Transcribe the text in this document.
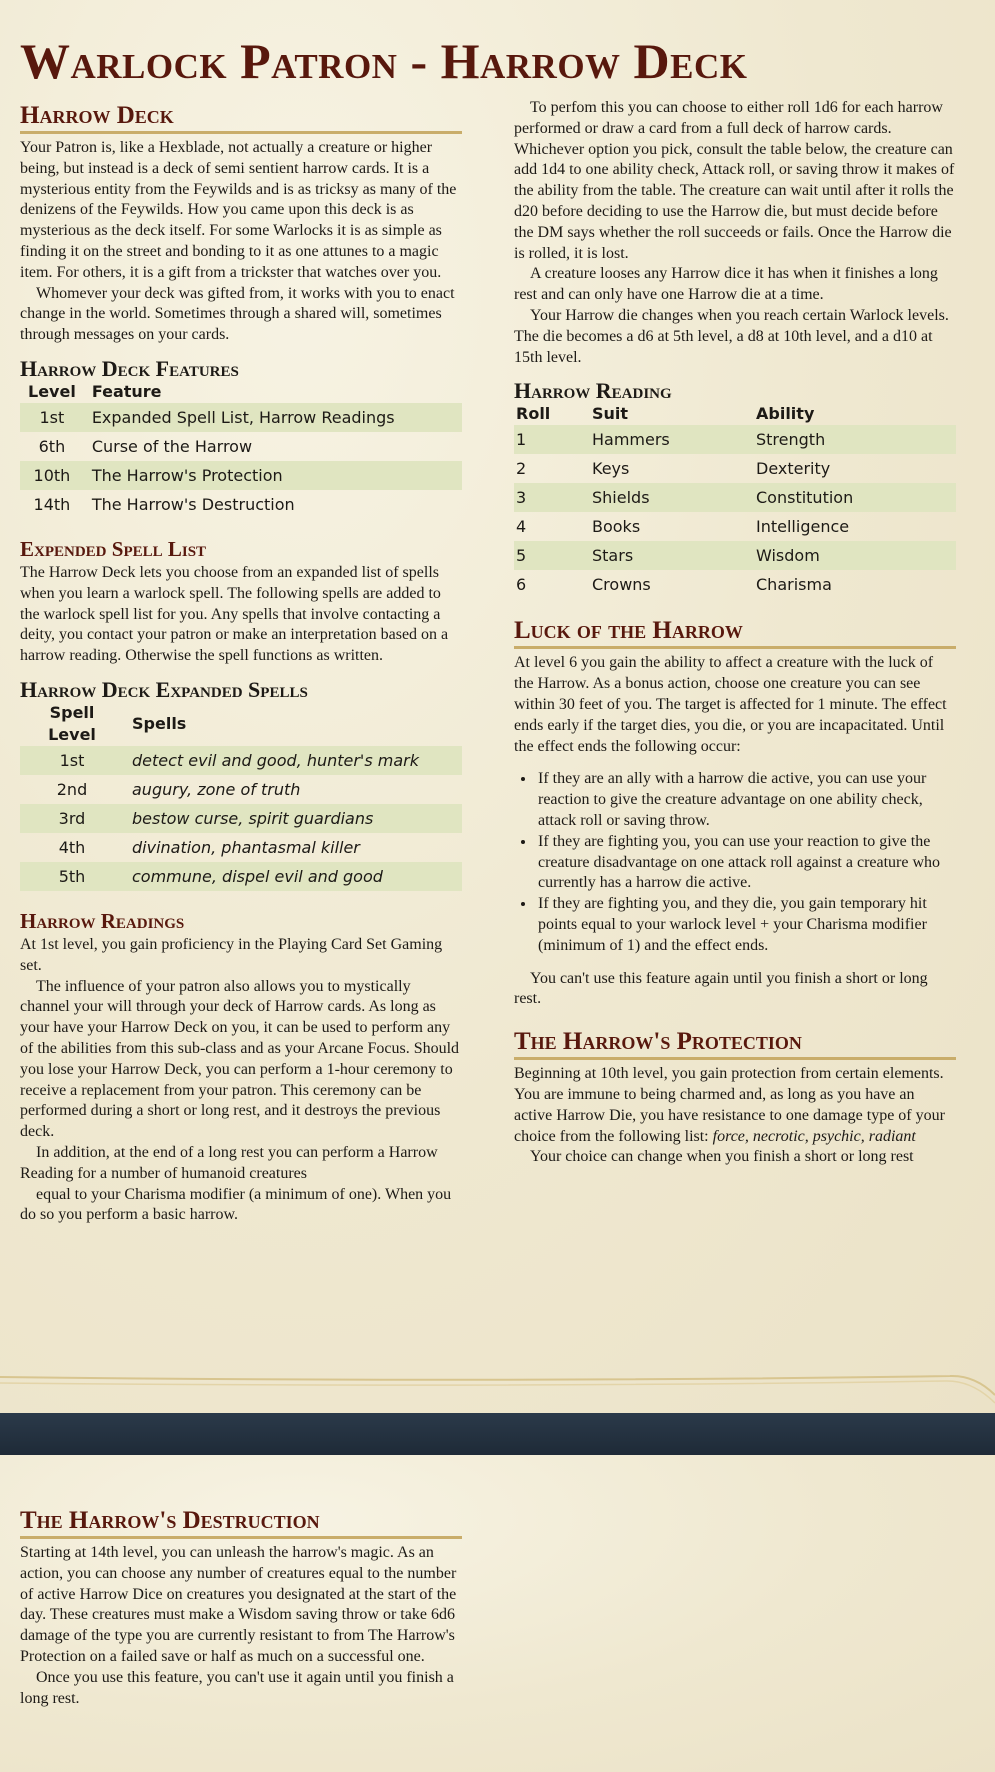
Warlock Patron - Harrow Deck
Harrow Deck

Your Patron is, like a Hexblade, not actually a creature or higher being, but instead is a deck of semi sentient harrow cards. It is a mysterious entity from the Feywilds and is as tricksy as many of the denizens of the Feywilds. How you came upon this deck is as mysterious as the deck itself. For some Warlocks it is as simple as finding it on the street and bonding to it as one attunes to a magic item. For others, it is a gift from a trickster that watches over you.

Whomever your deck was gifted from, it works with you to enact change in the world. Sometimes through a shared will, sometimes through messages on your cards.

Harrow Deck Features
Level	Feature
1st	Expanded Spell List, Harrow Readings
6th	Curse of the Harrow
10th	The Harrow's Protection
14th	The Harrow's Destruction
Expended Spell List

The Harrow Deck lets you choose from an expanded list of spells when you learn a warlock spell. The following spells are added to the warlock spell list for you. Any spells that involve contacting a deity, you contact your patron or make an interpretation based on a harrow reading. Otherwise the spell functions as written.

Harrow Deck Expanded Spells
Spell Level	Spells
1st	detect evil and good, hunter's mark
2nd	augury, zone of truth
3rd	bestow curse, spirit guardians
4th	divination, phantasmal killer
5th	commune, dispel evil and good
Harrow Readings

At 1st level, you gain proficiency in the Playing Card Set Gaming set.

The influence of your patron also allows you to mystically channel your will through your deck of Harrow cards. As long as your have your Harrow Deck on you, it can be used to perform any of the abilities from this sub-class and as your Arcane Focus. Should you lose your Harrow Deck, you can perform a 1-hour ceremony to receive a replacement from your patron. This ceremony can be performed during a short or long rest, and it destroys the previous deck.

In addition, at the end of a long rest you can perform a Harrow Reading for a number of humanoid creatures

equal to your Charisma modifier (a minimum of one). When you do so you perform a basic harrow.

To perfom this you can choose to either roll 1d6 for each harrow performed or draw a card from a full deck of harrow cards. Whichever option you pick, consult the table below, the creature can add 1d4 to one ability check, Attack roll, or saving throw it makes of the ability from the table. The creature can wait until after it rolls the d20 before deciding to use the Harrow die, but must decide before the DM says whether the roll succeeds or fails. Once the Harrow die is rolled, it is lost.

A creature looses any Harrow dice it has when it finishes a long rest and can only have one Harrow die at a time.

Your Harrow die changes when you reach certain Warlock levels. The die becomes a d6 at 5th level, a d8 at 10th level, and a d10 at 15th level.

Harrow Reading
Roll	Suit	Ability
1	Hammers	Strength
2	Keys	Dexterity
3	Shields	Constitution
4	Books	Intelligence
5	Stars	Wisdom
6	Crowns	Charisma
Luck of the Harrow

At level 6 you gain the ability to affect a creature with the luck of the Harrow. As a bonus action, choose one creature you can see within 30 feet of you. The target is affected for 1 minute. The effect ends early if the target dies, you die, or you are incapacitated. Until the effect ends the following occur:

• If they are an ally with a harrow die active, you can use your reaction to give the creature advantage on one ability check, attack roll or saving throw.
• If they are fighting you, you can use your reaction to give the creature disadvantage on one attack roll against a creature who currently has a harrow die active.
• If they are fighting you, and they die, you gain temporary hit points equal to your warlock level + your Charisma modifier (minimum of 1) and the effect ends.

You can't use this feature again until you finish a short or long rest.

The Harrow's Protection

Beginning at 10th level, you gain protection from certain elements. You are immune to being charmed and, as long as you have an active Harrow Die, you have resistance to one damage type of your choice from the following list: force, necrotic, psychic, radiant

Your choice can change when you finish a short or long rest

The Harrow's Destruction

Starting at 14th level, you can unleash the harrow's magic. As an action, you can choose any number of creatures equal to the number of active Harrow Dice on creatures you designated at the start of the day. These creatures must make a Wisdom saving throw or take 6d6 damage of the type you are currently resistant to from The Harrow's Protection on a failed save or half as much on a successful one.

Once you use this feature, you can't use it again until you finish a long rest.
